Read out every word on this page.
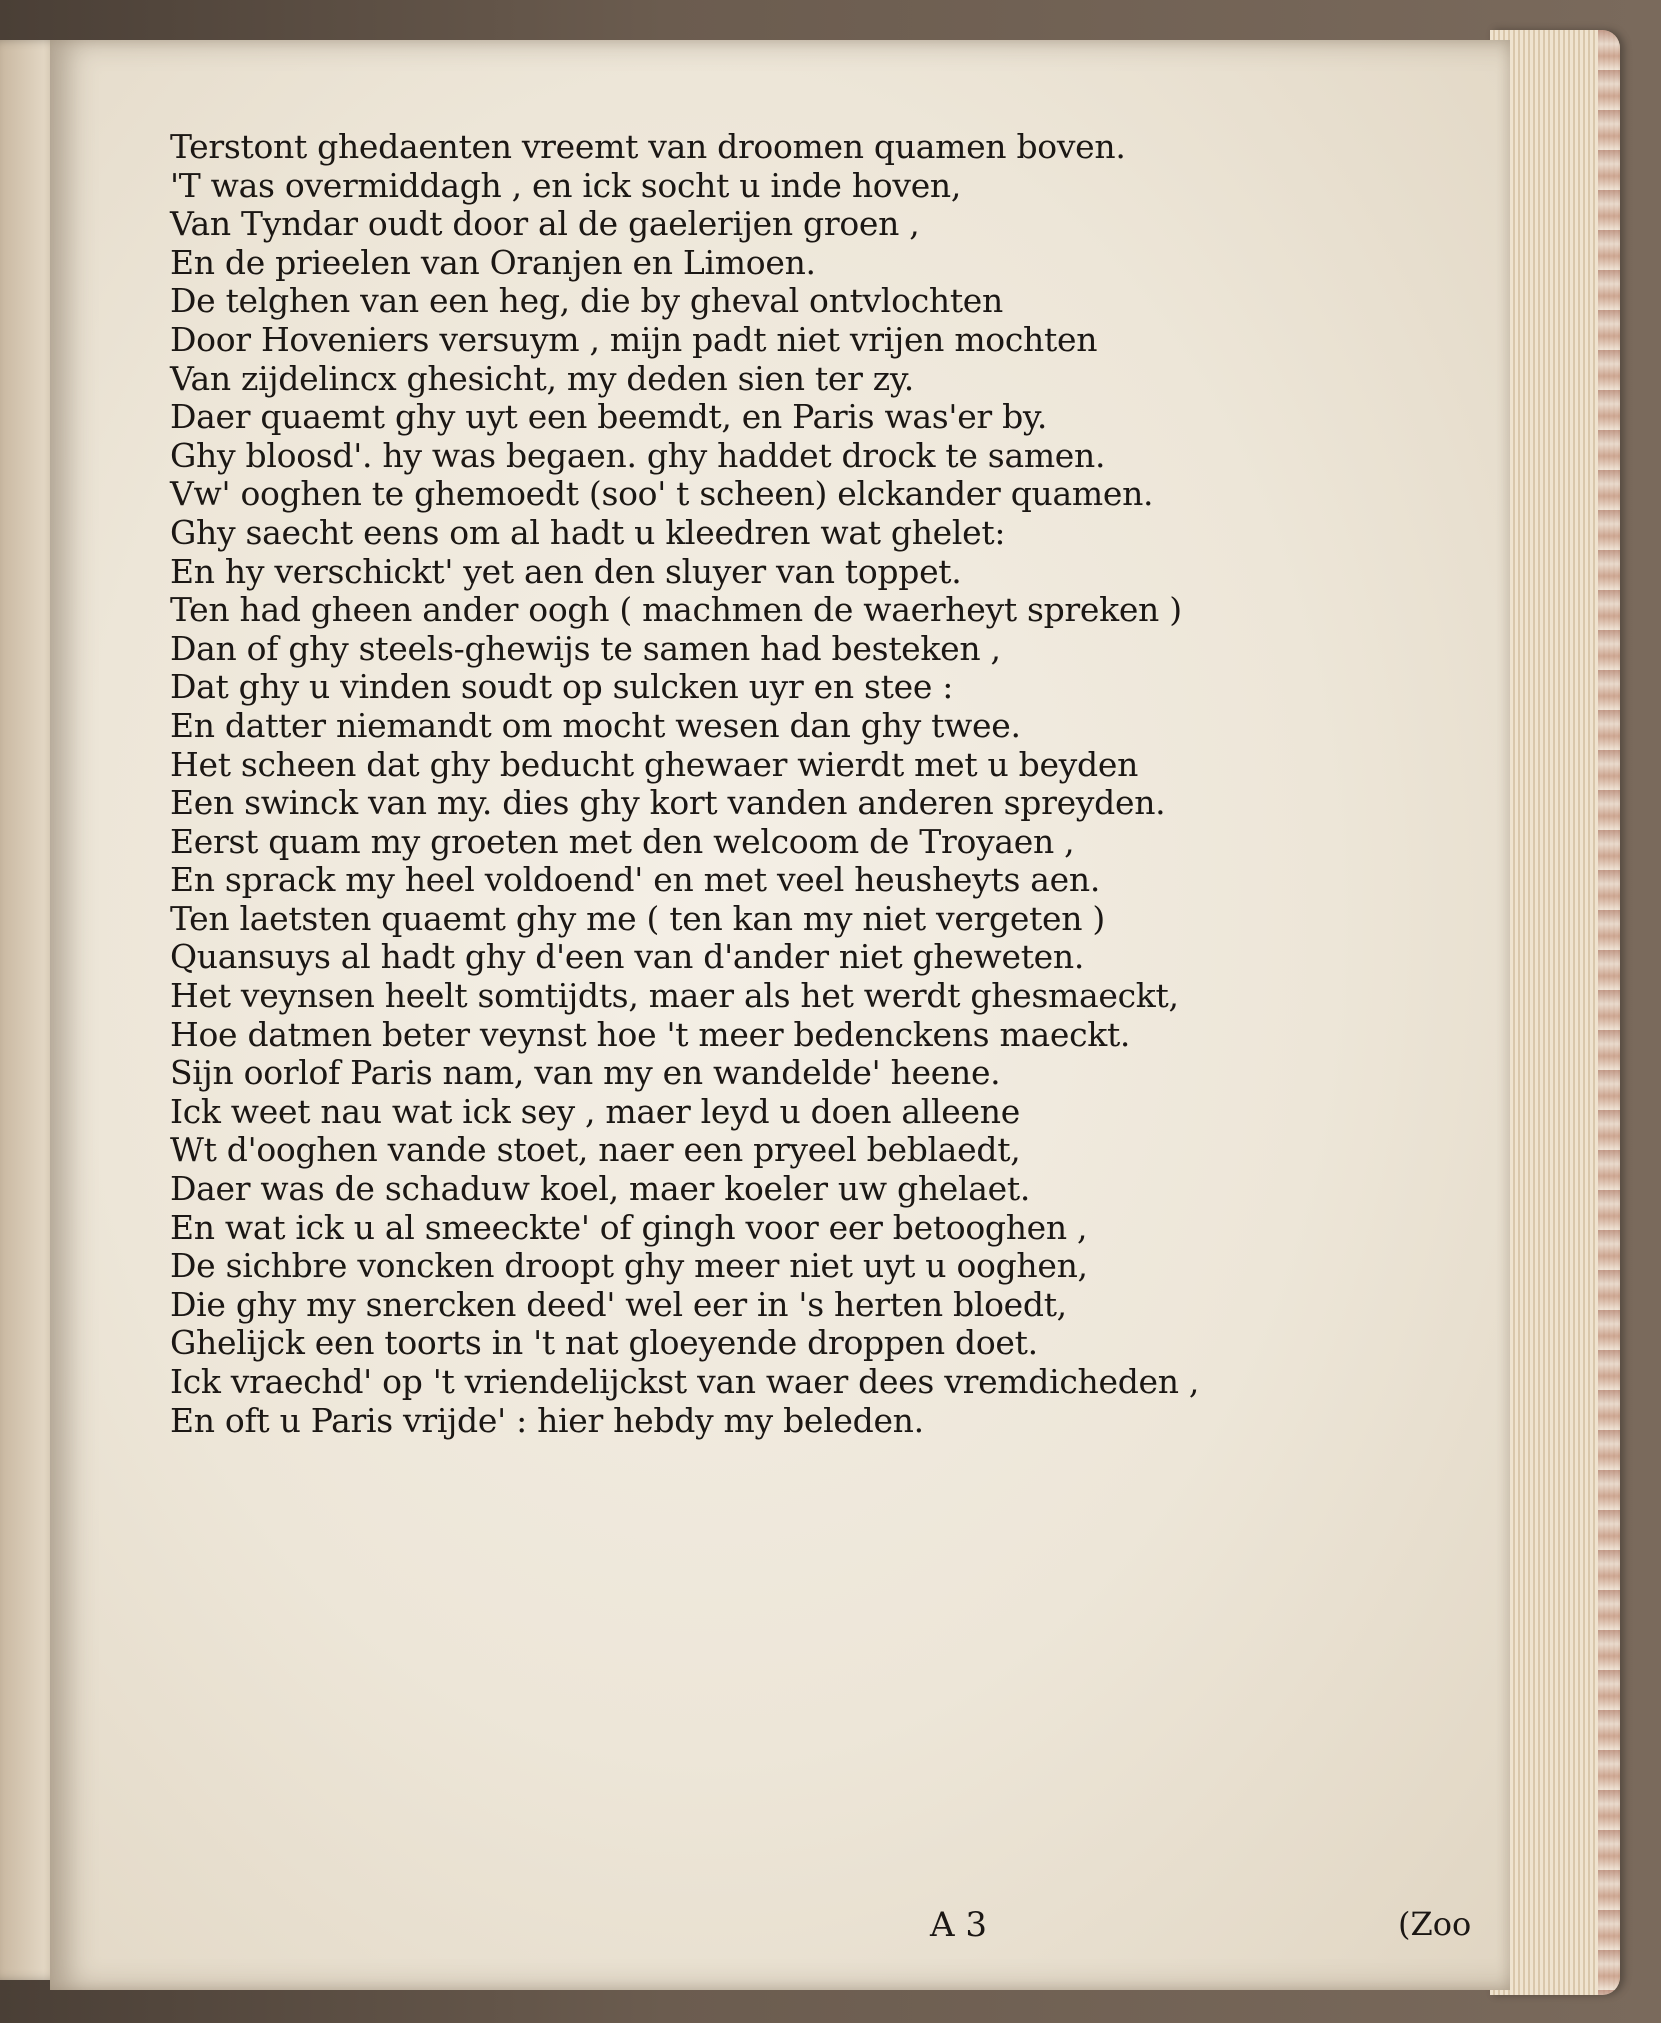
Terstont ghedaenten vreemt van droomen quamen boven.

'T was overmiddagh , en ick socht u inde hoven,

Van Tyndar oudt door al de gaelerijen groen ,

En de prieelen van Oranjen en Limoen.

De telghen van een heg, die by gheval ontvlochten

Door Hoveniers versuym , mijn padt niet vrijen mochten

Van zijdelincx ghesicht, my deden sien ter zy.

Daer quaemt ghy uyt een beemdt, en Paris was'er by.

Ghy bloosd'. hy was begaen. ghy haddet drock te samen.

Vw' ooghen te ghemoedt (soo' t scheen) elckander quamen.

Ghy saecht eens om al hadt u kleedren wat ghelet:

En hy verschickt' yet aen den sluyer van toppet.

Ten had gheen ander oogh ( machmen de waerheyt spreken )

Dan of ghy steels-ghewijs te samen had besteken ,

Dat ghy u vinden soudt op sulcken uyr en stee :

En datter niemandt om mocht wesen dan ghy twee.

Het scheen dat ghy beducht ghewaer wierdt met u beyden

Een swinck van my. dies ghy kort vanden anderen spreyden.

Eerst quam my groeten met den welcoom de Troyaen ,

En sprack my heel voldoend' en met veel heusheyts aen.

Ten laetsten quaemt ghy me ( ten kan my niet vergeten )

Quansuys al hadt ghy d'een van d'ander niet gheweten.

Het veynsen heelt somtijdts, maer als het werdt ghesmaeckt,

Hoe datmen beter veynst hoe 't meer bedenckens maeckt.

Sijn oorlof Paris nam, van my en wandelde' heene.

Ick weet nau wat ick sey , maer leyd u doen alleene

Wt d'ooghen vande stoet, naer een pryeel beblaedt,

Daer was de schaduw koel, maer koeler uw ghelaet.

En wat ick u al smeeckte' of gingh voor eer betooghen ,

De sichbre voncken droopt ghy meer niet uyt u ooghen,

Die ghy my snercken deed' wel eer in 's herten bloedt,

Ghelijck een toorts in 't nat gloeyende droppen doet.

Ick vraechd' op 't vriendelijckst van waer dees vremdicheden ,

En oft u Paris vrijde' : hier hebdy my beleden.

A 3	(Zoo
